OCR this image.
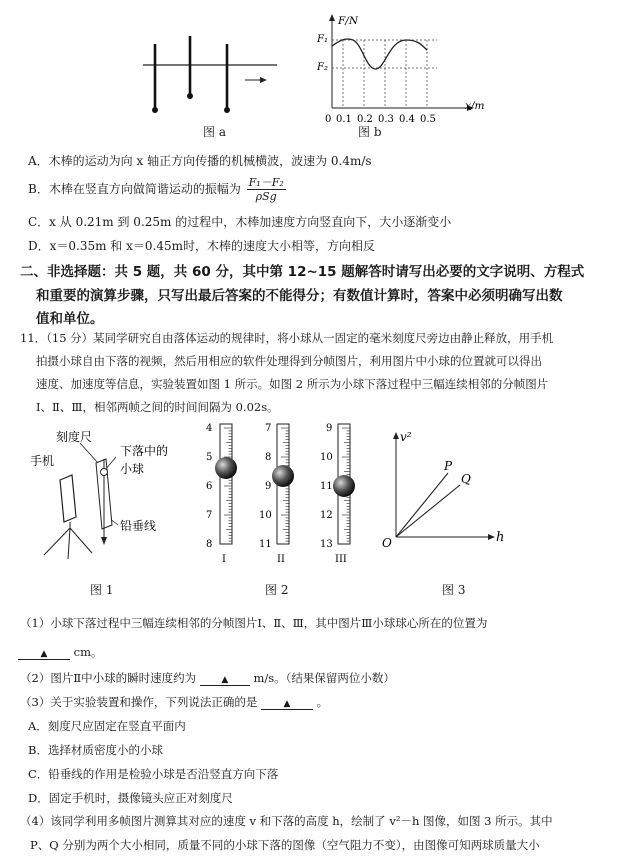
图 a
F/N
x/m
F₁
F₂
0 0.1 0.2 0.3 0.4 0.5
图 b
A．木棒的运动为向 x 轴正方向传播的机械横波，波速为 0.4m/s
B．木棒在竖直方向做简谐运动的振幅为 $\frac{\text{F₁－F₂}}{\text{ρSg}}$
C．x 从 0.21m 到 0.25m 的过程中，木棒加速度方向竖直向下，大小逐渐变小
D．x＝0.35m 和 x＝0.45m时，木棒的速度大小相等，方向相反
二、非选择题：共 5 题，共 60 分，其中第 12~15 题解答时请写出必要的文字说明、方程式
和重要的演算步骤，只写出最后答案的不能得分；有数值计算时，答案中必须明确写出数
值和单位。
11．（15 分）某同学研究自由落体运动的规律时，将小球从一固定的毫米刻度尺旁边由静止释放，用手机
拍摄小球自由下落的视频，然后用相应的软件处理得到分帧图片，利用图片中小球的位置就可以得出
速度、加速度等信息，实验装置如图 1 所示。如图 2 所示为小球下落过程中三幅连续相邻的分帧图片
Ⅰ、Ⅱ、Ⅲ，相邻两帧之间的时间间隔为 0.02s。
刻度尺
手机
下落中的
小球
铅垂线
图 1
4
5
6
7
8
I
7
8
9
10
11
II
9
10
11
12
13
III
图 2
v²
h
O
P
Q
图 3
（1）小球下落过程中三幅连续相邻的分帧图片Ⅰ、Ⅱ、Ⅲ，其中图片Ⅲ小球球心所在的位置为
▲ cm。
（2）图片Ⅱ中小球的瞬时速度约为	▲ m/s。（结果保留两位小数）
（3）关于实验装置和操作，下列说法正确的是	▲ 。
A．刻度尺应固定在竖直平面内
B．选择材质密度小的小球
C．铅垂线的作用是检验小球是否沿竖直方向下落
D．固定手机时，摄像镜头应正对刻度尺
（4）该同学利用多帧图片测算其对应的速度 v 和下落的高度 h，绘制了 v²－h 图像，如图 3 所示。其中
P、Q 分别为两个大小相同，质量不同的小球下落的图像（空气阻力不变），由图像可知两球质量大小
